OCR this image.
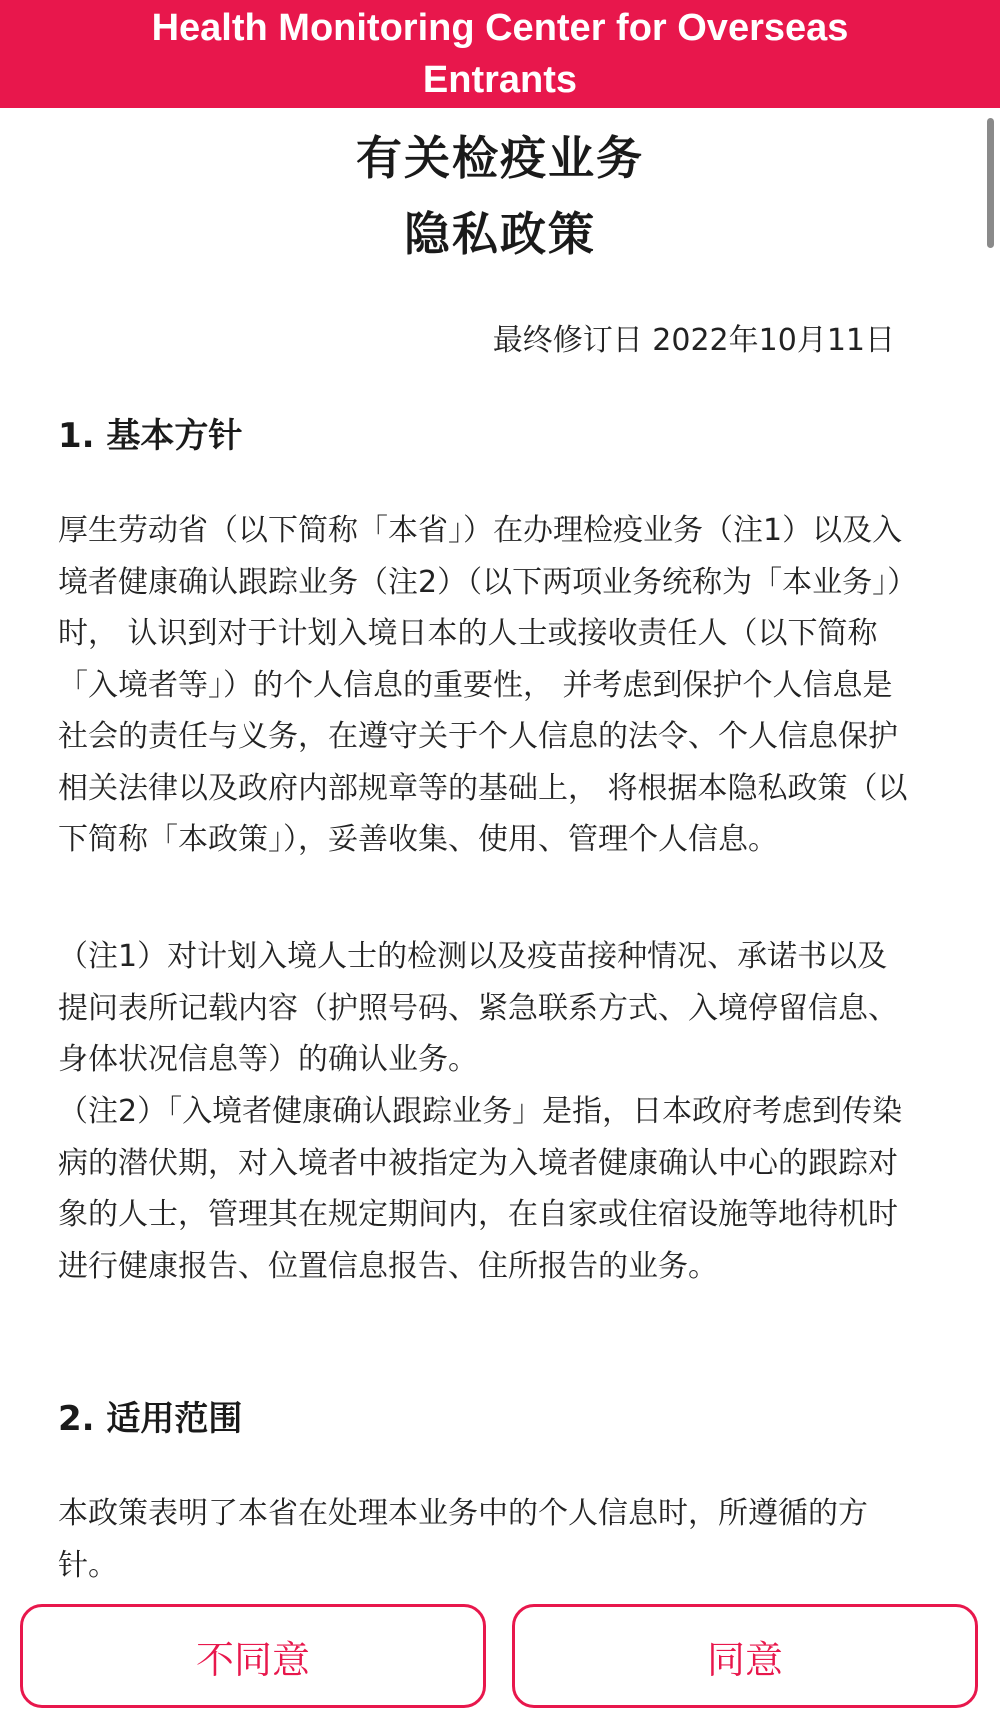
Health Monitoring Center for Overseas
Entrants
有关检疫业务
隐私政策
最终修订日 2022年10月11日
1. 基本方针
厚生劳动省（以下简称「本省」）在办理检疫业务（注1）以及入境者健康确认跟踪业务（注2）（以下两项业务统称为「本业务」）时， 认识到对于计划入境日本的人士或接收责任人（以下简称「入境者等」）的个人信息的重要性， 并考虑到保护个人信息是社会的责任与义务，在遵守关于个人信息的法令、个人信息保护相关法律以及政府内部规章等的基础上， 将根据本隐私政策（以下简称「本政策」），妥善收集、使用、管理个人信息。
（注1）对计划入境人士的检测以及疫苗接种情况、承诺书以及提问表所记载内容（护照号码、紧急联系方式、入境停留信息、身体状况信息等）的确认业务。
（注2）「入境者健康确认跟踪业务」是指，日本政府考虑到传染病的潜伏期，对入境者中被指定为入境者健康确认中心的跟踪对象的人士，管理其在规定期间内，在自家或住宿设施等地待机时进行健康报告、位置信息报告、住所报告的业务。
2. 适用范围
本政策表明了本省在处理本业务中的个人信息时，所遵循的方针。
不同意	同意
